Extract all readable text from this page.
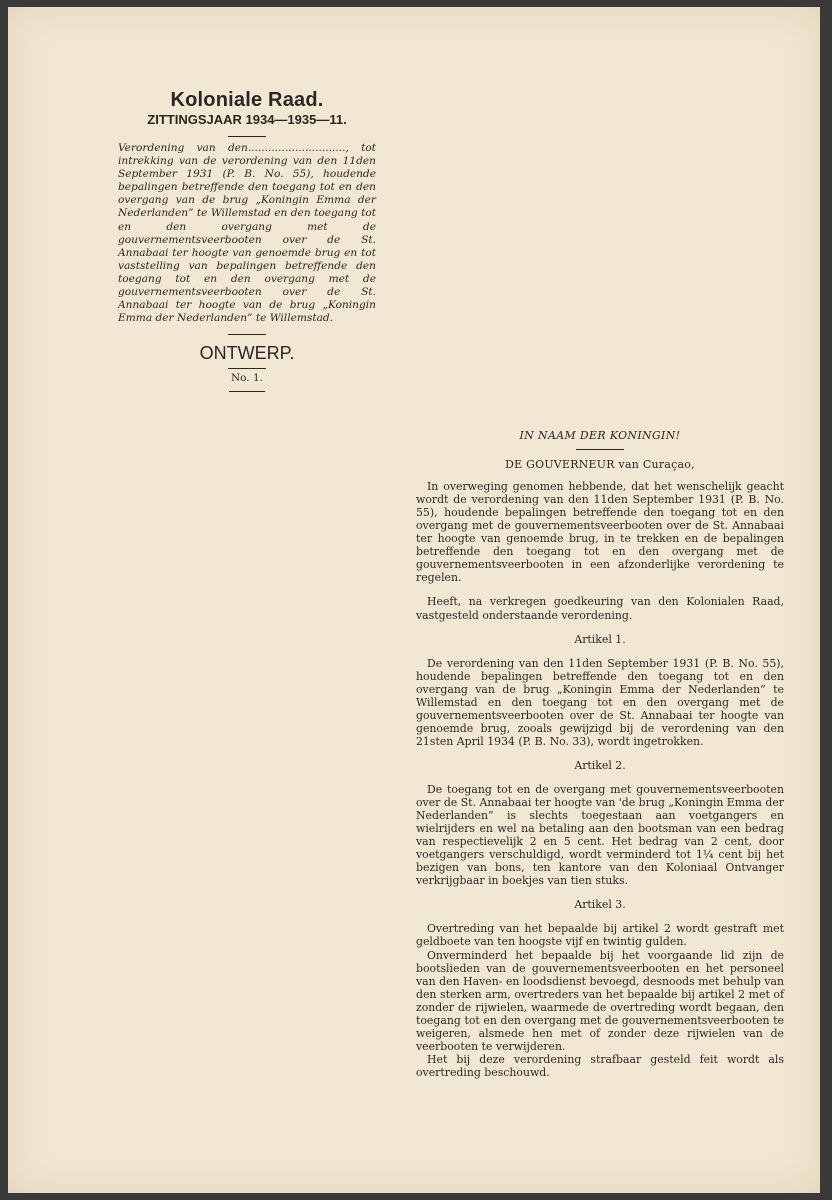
Koloniale Raad.

ZITTINGSJAAR 1934—1935—11.

Verordening van den............................., tot intrekking van de verordening van den 11den September 1931 (P. B. No. 55), houdende bepalingen betreffende den toegang tot en den overgang van de brug „Koningin Emma der Nederlanden” te Willemstad en den toegang tot en den overgang met de gouvernementsveerbooten over de St. Annabaai ter hoogte van genoemde brug en tot vaststelling van bepalingen betreffende den toegang tot en den overgang met de gouvernementsveerbooten over de St. Annabaai ter hoogte van de brug „Koningin Emma der Nederlanden” te Willemstad.

ONTWERP.

No. 1.

IN NAAM DER KONINGIN!

DE GOUVERNEUR van Curaçao,

In overweging genomen hebbende, dat het wenschelijk geacht wordt de verordening van den 11den September 1931 (P. B. No. 55), houdende bepalingen betreffende den toegang tot en den overgang met de gouvernementsveerbooten over de St. Annabaai ter hoogte van genoemde brug, in te trekken en de bepalingen betreffende den toegang tot en den overgang met de gouvernementsveerbooten in een afzonderlijke verordening te regelen.

Heeft, na verkregen goedkeuring van den Kolonialen Raad, vastgesteld onderstaande verordening.

Artikel 1.

De verordening van den 11den September 1931 (P. B. No. 55), houdende bepalingen betreffende den toegang tot en den overgang van de brug „Koningin Emma der Nederlanden” te Willemstad en den toegang tot en den overgang met de gouvernementsveerbooten over de St. Annabaai ter hoogte van genoemde brug, zooals gewijzigd bij de verordening van den 21sten April 1934 (P. B. No. 33), wordt ingetrokken.

Artikel 2.

De toegang tot en de overgang met gouvernementsveerbooten over de St. Annabaai ter hoogte van 'de brug „Koningin Emma der Nederlanden” is slechts toegestaan aan voetgangers en wielrijders en wel na betaling aan den bootsman van een bedrag van respectievelijk 2 en 5 cent. Het bedrag van 2 cent, door voetgangers verschuldigd, wordt verminderd tot 1¼ cent bij het bezigen van bons, ten kantore van den Koloniaal Ontvanger verkrijgbaar in boekjes van tien stuks.

Artikel 3.

Overtreding van het bepaalde bij artikel 2 wordt gestraft met geldboete van ten hoogste vijf en twintig gulden.

Onverminderd het bepaalde bij het voorgaande lid zijn de bootslieden van de gouvernementsveerbooten en het personeel van den Haven- en loodsdienst bevoegd, desnoods met behulp van den sterken arm, overtreders van het bepaalde bij artikel 2 met of zonder de rijwielen, waarmede de overtreding wordt begaan, den toegang tot en den overgang met de gouvernementsveerbooten te weigeren, alsmede hen met of zonder deze rijwielen van de veerbooten te verwijderen.

Het bij deze verordening strafbaar gesteld feit wordt als overtreding beschouwd.
